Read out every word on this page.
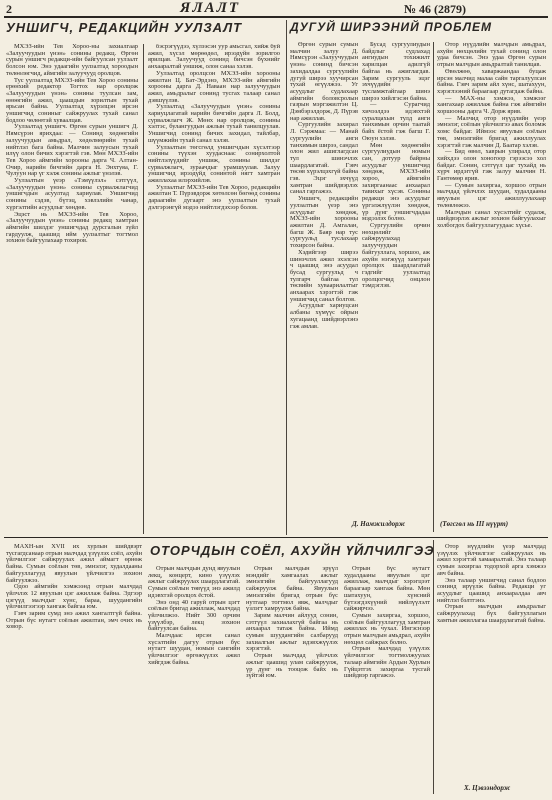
2	ЯЛАЛТ	№ 46 (2879)
УНШИГЧ, РЕДАКЦИЙН УУЛЗАЛТ	ДУГУЙ ШИРЭЭНИЙ ПРОБЛЕМ

МХЭЗ-ийн Тев Хороо-ны захиалгаар «Залуучуудын үнэн» сонины редакц. Өргөн сурын уншигч редакци-ийн байгуулсан уулзалт болсон юм. Энэ удаагийн уулзалтад хороодын төлөөлөгчид, аймгийн залуучууд оролцов.

Тус уулзалтад МХЭЗ-ийн Тев Хороо сонины ерөнхий редактор Тогтох нар оролцож «Залуучуудын үнэн» сонины туулсан зам, өнөөгийн ажил, цаашдын зорилтын тухай ярьсан байна. Уулзалтад хүрэлцэн ирсэн уншигчид сониныг сайжруулах тухай санал бодлоо чөлөөтэй хуваалцав.

Уулзалтад уншигч. Өргөн сурын уншигч Д. Нямсүрэн ярихдаа: — Сонинд хөдөөгийн залуучуудын амьдрал, хөдөлмөрийн тухай нийтлэл бага байна. Малчин залуусын тухай илүү олон бичих хэрэгтэй гэв. Мөн МХЭЗ-ийн Тев Хороо аймгийн хорооны дарга Ч. Алтан-Очир, нарийн бичгийн дарга Н. Энхтуяа, Г. Чулуун нар үг хэлж сонины ажлыг үнэлэв.

Уулзалтын үеэр «Тэмүүлэл» сэтгүүл, «Залуучуудын үнэн» сонины сурвалжлагчид уншигчдын асуултад хариулав. Уншигчид сонины сэдэв, бүтэц, хэвлэлийн чанар, хүргэлтийн асуудлыг хөндөв.

Эцэст нь МХЭЗ-ийн Тев Хороо, «Залуучуудын үнэн» сонины редакц хамтран аймгийн шилдэг уншигчдад дурсгалын зүйл гардуулж, цаашид ийм уулзалтыг тогтмол зохион байгуулахаар тохиров.

бэсрэгүүдээ, хүлээсэн уур амьсгал, хийж буй ажил, хүсэл мөрөөдөл, ирээдүйн зорилгоо ярилцав. Залуучууд сонинд бичсэн бүхнийг анхааралтай уншиж, олон санаа хэлэв.

Уулзалтад оролцсон МХЭЗ-ийн хорооны ажилтан Ц. Бат-Эрдэнэ, МХЭЗ-ийн аймгийн хорооны дарга Д. Наваан нар залуучуудын ажил, амьдралыг сонинд тусгах талаар санал дэвшүүлэв.

Уулзалтад «Залуучуудын үнэн» сонины хариуцлагатай нарийн бичгийн дарга Л. Болд, сурвалжлагч Ж. Мөнх нар оролцож, сонины хэлтэс, булангуудын ажлын тухай танилцуулав. Уншигчид сонинд бичих захидал, тайлбар, шүүмжийн тухай санал хэлэв.

Уулзалтын төгсгөлд уншигчдын хүсэлтээр сонины түүхэн хуудаснаас сонирхолтой нийтлэлүүдийг уншиж, сонины шилдэг сурвалжлагч, зураачдыг урамшуулав. Залуу уншигчид ирээдүйд сонинтой нягт хамтран ажиллахаа илэрхийлэв.

Уулзалтыг МХЭЗ-ийн Тев Хороо, редакцийн ажилтан Т. Пүрэвдорж хөтөлсөн бөгөөд сонины дараагийн дугаарт энэ уулзалтын тухай дэлгэрэнгүй мэдээ нийтлэгдэхээр болов.

Өргөн сурын сумын малчин залуу Д. Нямсүрэн «Залуучуудын үнэн» сонинд бичсэн захидалдаа сургуулийн дугуй ширээ хуучирсан тухай өгүүлжээ. Уг асуудлыг судлахаар аймгийн боловсролын газрын мэргэжилтэн Ц. Дэмбэрэлдорж, Д. Пүрэв нар ажиллав.

Сургуулийн захирал Л. Сэржмаа: — Манай сургуулийн анги танхимын ширээ, сандал олон жил ашиглагдсан тул шинэчлэх шаардлагатай. Гэвч төсөв хүрэлцэхгүй байна гэв. Эцэг эхчүүд хамтран шийдвэрлэх санал гаргажээ.

Уншигч, редакцийн уулзалтын үеэр энэ асуудлыг хөндөж, МХЭЗ-ийн хорооны ажилтан Д. Амгалан, багш Ж. Баяр нар тус сургуульд туслахаар тохирсон байна.

Хэдийгээр ширээ шинэчлэх ажил эхэлсэн ч цаашид энэ асуудал бусад сургуульд ч тулгарч байгаа тул төсвийн хуваарилалтыг анхаарах хэрэгтэй гэж уншигчид санал болгов.

Асуудлыг хариуцсан албаны хүмүүс ойрын хугацаанд шийдвэрлэнэ гэж амлав.

Бусад сургуулиудын байдлыг судлахад ангиудын тохижилт харилцан адилгүй байгаа нь ажиглагдав. Зарим сургууль эцэг эхчүүдийн тусламжтайгаар шинэ ширээ хийлгэсэн байна.

— Сурагчид хичээлдээ идэвхтэй суралцахын тулд анги танхимын орчин таатай байх ёстой гэж багш Г. Оюун хэлэв.

Мөн хөдөөгийн сургуулиудын номын сан, дотуур байрны асуудлыг уншигчид хөндөж, МХЭЗ-ийн хороо, аймгийн захиргаанаас анхаарал тавихыг хүсэв. Сонины редакци энэ асуудлыг үргэлжлүүлэн хөндөж, үр дүнг уншигчдадаа мэдээлэх болно.

Сургуулийн орчин нөхцөлийг сайжруулахад залуучуудын байгууллага, хоршоо, аж ахуйн нэгжүүд хамтран оролцох шаардлагатай гэдгийг уулзалтад оролцогчид онцлон тэмдэглэв.

Д. Намжилдорж

Отор нүүдлийн малчдын амьдрал, ахуйн нөхцөлийн тухай сонинд олон удаа бичсэн. Энэ удаа Өргөн сурын отрын малчдын амьдралтай танилцав.

Өвөлжөө, хаваржаандаа буцаж ирсэн малчид малаа сайн таргалуулсан байна. Гэвч зарим айл хүнс, шатахуун, хэрэглээний бараагаар дутагдаж байна.

— МАХ-ны хэмжээ, хэмжээг хангахаар ажиллаж байна гэж аймгийн хоршооны дарга Ч. Дорж ярив.

— Малчид отор нүүдлийн үеэр эмнэлэг, соёлын үйлчилгээ авах боломж хомс байдаг. Иймээс явуулын соёлын төв, эмнэлгийн бригад ажиллуулах хэрэгтэй гэж малчин Д. Баатар хэлэв.

— Бид өвөл, хаврын улиралд отор хийхдээ олон хоногоор гэрээсээ хол байдаг. Сонин, сэтгүүл цаг тухайд нь хүрч ирдэггүй гэж залуу малчин Н. Гантөмөр ярив.

— Сумын захиргаа, хоршоо отрын малчдад үйлчлэх шуудан, худалдааны явуулын цэг ажиллуулахаар төлөвлөжээ.

Малчдын санал хүсэлтийг судалж, шийдвэрлэх ажлыг зохион байгуулахыг холбогдох байгууллагуудаас хүсье.

(Төгсгөл нь III нүүрт)
ОТОРЧДЫН СОЁЛ, АХУЙН ҮЙЛЧИЛГЭЭ

МАХН-ын XVII их хурлын шийдвэрт тусгагдсанаар отрын малчдад үзүүлэх соёл, ахуйн үйлчилгээг сайжруулах ажил аймагт өрнөж байна. Сумын соёлын төв, эмнэлэг, худалдааны байгууллагууд явуулын үйлчилгээ зохион байгуулжээ.

Одоо аймгийн хэмжээнд отрын малчдад үйлчлэх 12 явуулын цэг ажиллаж байна. Эдгээр цэгүүд малчдыг хүнс, бараа, шуудангийн үйлчилгээгээр хангаж байгаа юм.

Гэвч зарим сумд энэ ажил хангалтгүй байна. Отрын бүс нутагт соёлын ажилтан, эмч очих нь ховор.

Отрын малчдын дунд явуулын лекц, концерт, кино үзүүлэх ажлыг сайжруулах шаардлагатай. Сумын соёлын төвүүд энэ ажилд идэвхтэй оролцох ёстой.

Энэ онд 40 гаруй отрын цэгт соёлын бригад ажиллаж, малчдад үйлчилжээ. Нийт 300 орчим үзүүлбэр, лекц зохион байгуулсан байна.

Малчдаас ирсэн санал хүсэлтийн дагуу отрын бүс нутагт шуудан, номын сангийн үйлчилгээг өргөжүүлэх ажил хийгдэж байна.

Отрын малчдын эрүүл мэндийг хамгаалах ажлыг эмнэлгийн байгууллагууд сайжруулж байна. Явуулын эмнэлгийн бригад отрын бүс нутгаар тогтмол явж, малчдыг үзлэгт хамруулж байна.

Зарим малчин айлууд сонин, сэтгүүл захиалахгүй байгаа нь анхаарал татаж байна. Иймд сумын шуудангийн салбарууд захиалгын ажлыг идэвхжүүлэх хэрэгтэй.

Отрын малчдад үйлчлэх ажлыг цаашид улам сайжруулж, үр дүнг нь тооцож байх нь зүйтэй юм.

Отрын бүс нутагт худалдааны явуулын цэг ажиллаж, малчдыг хэрэгцээт бараагаар хангаж байна. Мөн шатахуун, хүнсний бүтээгдэхүүний нийлүүлэлт сайжирчээ.

Сумын захиргаа, хоршоо, соёлын байгууллагууд хамтран ажиллах нь чухал. Ингэснээр отрын малчдын амьдрал, ахуйн нөхцөл сайжрах болно.

Отрын малчдад үзүүлэх үйлчилгээг тогтмолжуулах талаар аймгийн Ардын Хурлын Гүйцэтгэх захиргаа тусгай шийдвэр гаргажээ.

Отор нүүдлийн үеэр малчдад үзүүлэх үйлчилгээг сайжруулах нь ажил хэрэгтэй хамааралтай. Энэ талаар сумын захиргаа тодорхой арга хэмжээ авч байна.

Энэ талаар уншигчид санал бодлоо сонинд ирүүлж байна. Редакци уг асуудлыг цаашид анхааралдаа авч нийтлэл бэлтгэнэ.

Отрын малчдын амьдралыг сайжруулахад бүх байгууллагын хамтын ажиллагаа шаардлагатай байна.

Х. Цэвээндорж
